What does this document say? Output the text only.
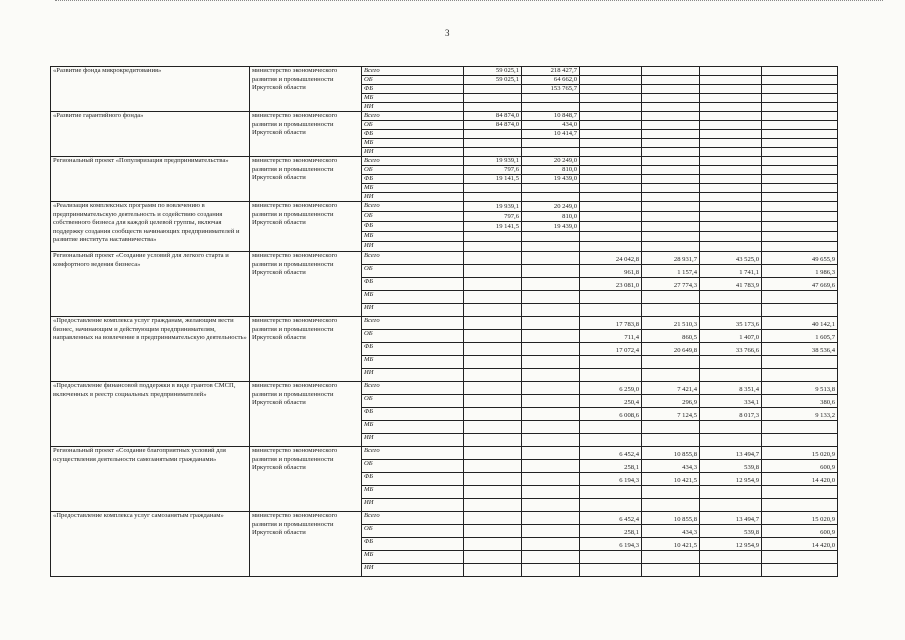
3
«Развитие фонда микрокредитования»	министерство экономического развития и промышленности Иркутской области	Всего	59 025,1	218 427,7				
		ОБ	59 025,1	64 662,0				
		ФБ		153 765,7				
		МБ						
		ИИ						
«Развитие гарантийного фонда»	министерство экономического развития и промышленности Иркутской области	Всего	84 874,0	10 848,7				
		ОБ	84 874,0	434,0				
		ФБ		10 414,7				
		МБ						
		ИИ						
Региональный проект «Популяризация предпринимательства»	министерство экономического развития и промышленности Иркутской области	Всего	19 939,1	20 249,0				
		ОБ	797,6	810,0				
		ФБ	19 141,5	19 439,0				
		МБ						
		ИИ						
«Реализация комплексных программ по вовлечению в предпринимательскую деятельность и содействию создания собственного бизнеса для каждой целевой группы, включая поддержку создания сообществ начинающих предпринимателей и развитие института наставничества»	министерство экономического развития и промышленности Иркутской области	Всего	19 939,1	20 249,0				
		ОБ	797,6	810,0				
		ФБ	19 141,5	19 439,0				
		МБ						
		ИИ						
Региональный проект «Создание условий для легкого старта и комфортного ведения бизнеса»	министерство экономического развития и промышленности Иркутской области	Всего			24 042,8	28 931,7	43 525,0	49 655,9
		ОБ			961,8	1 157,4	1 741,1	1 986,3
		ФБ			23 081,0	27 774,3	41 783,9	47 669,6
		МБ						
		ИИ						
«Предоставление комплекса услуг гражданам, желающим вести бизнес, начинающим и действующим предпринимателям, направленных на вовлечение в предпринимательскую деятельность»	министерство экономического развития и промышленности Иркутской области	Всего			17 783,8	21 510,3	35 173,6	40 142,1
		ОБ			711,4	860,5	1 407,0	1 605,7
		ФБ			17 072,4	20 649,8	33 766,6	38 536,4
		МБ						
		ИИ						
«Предоставление финансовой поддержки в виде грантов СМСП, включенных в реестр социальных предпринимателей»	министерство экономического развития и промышленности Иркутской области	Всего			6 259,0	7 421,4	8 351,4	9 513,8
		ОБ			250,4	296,9	334,1	380,6
		ФБ			6 008,6	7 124,5	8 017,3	9 133,2
		МБ						
		ИИ						
Региональный проект «Создание благоприятных условий для осуществления деятельности самозанятыми гражданами»	министерство экономического развития и промышленности Иркутской области	Всего			6 452,4	10 855,8	13 494,7	15 020,9
		ОБ			258,1	434,3	539,8	600,9
		ФБ			6 194,3	10 421,5	12 954,9	14 420,0
		МБ						
		ИИ						
«Предоставление комплекса услуг самозанятым гражданам»	министерство экономического развития и промышленности Иркутской области	Всего			6 452,4	10 855,8	13 494,7	15 020,9
		ОБ			258,1	434,3	539,8	600,9
		ФБ			6 194,3	10 421,5	12 954,9	14 420,0
		МБ						
		ИИ						
